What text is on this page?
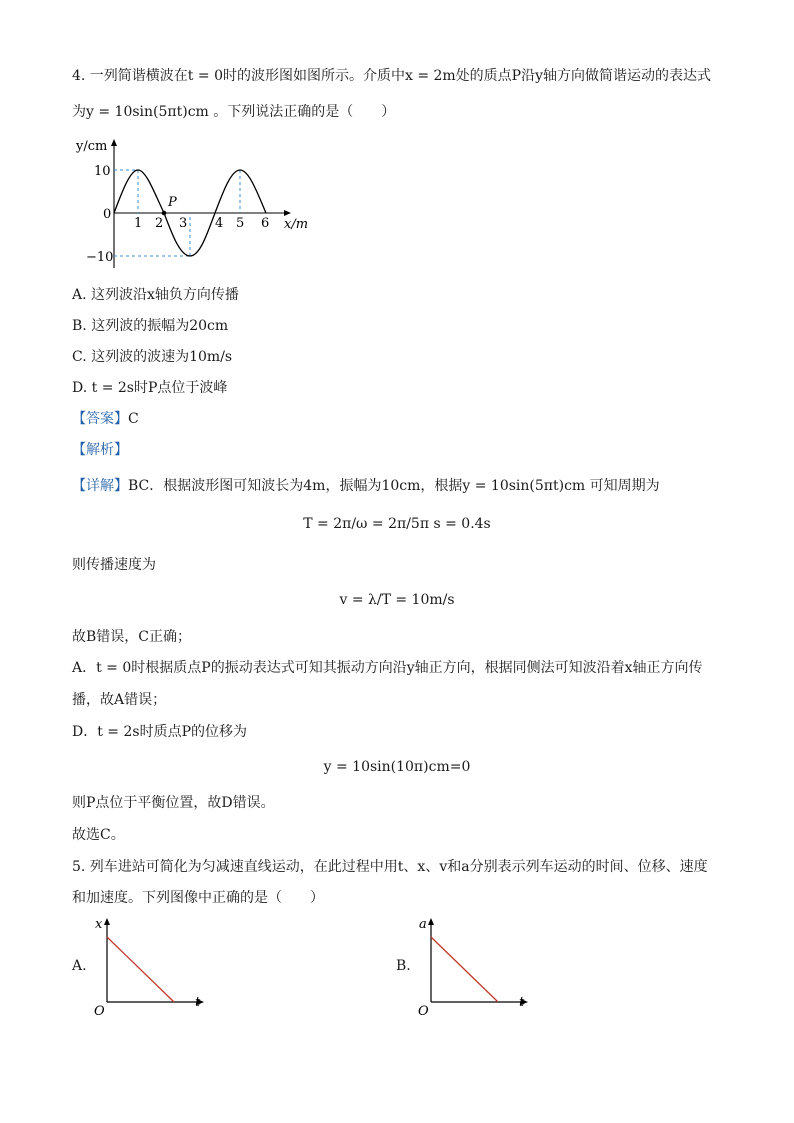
4. 一列简谐横波在t = 0时的波形图如图所示。介质中x = 2m处的质点P沿y轴方向做简谐运动的表达式
为y = 10sin(5πt)cm 。下列说法正确的是（　　）
P
y/cm
10
0
−10
1 2 3 4 5 6 x/m
A. 这列波沿x轴负方向传播
B. 这列波的振幅为20cm
C. 这列波的波速为10m/s
D. t = 2s时P点位于波峰
【答案】C
【解析】
【详解】BC．根据波形图可知波长为4m，振幅为10cm，根据y = 10sin(5πt)cm 可知周期为
T = 2π/ω = 2π/5π s = 0.4s
则传播速度为
v = λ/T = 10m/s
故B错误，C正确；
A．t = 0时根据质点P的振动表达式可知其振动方向沿y轴正方向，根据同侧法可知波沿着x轴正方向传
播，故A错误；
D．t = 2s时质点P的位移为
y = 10sin(10π)cm=0
则P点位于平衡位置，故D错误。
故选C。
5. 列车进站可简化为匀减速直线运动，在此过程中用t、x、v和a分别表示列车运动的时间、位移、速度
和加速度。下列图像中正确的是（　　）
A.
x
t
O
B.
a
t
O
